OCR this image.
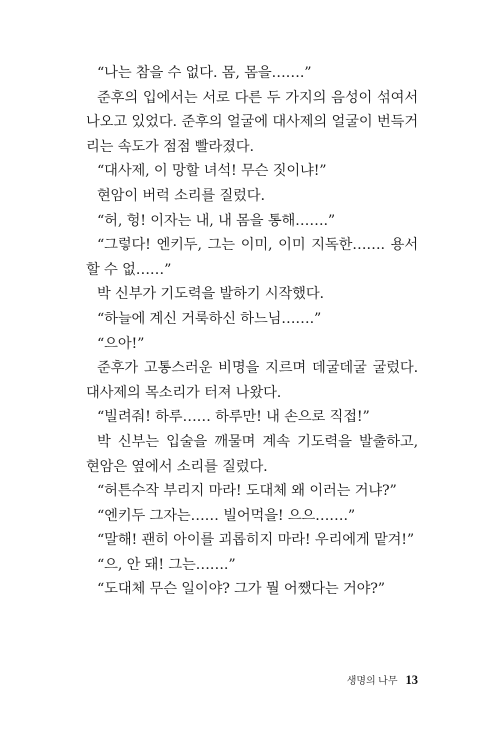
“나는 참을 수 없다. 몸, 몸을…….”

준후의 입에서는 서로 다른 두 가지의 음성이 섞여서 나오고 있었다. 준후의 얼굴에 대사제의 얼굴이 번득거리는 속도가 점점 빨라졌다.

“대사제, 이 망할 녀석! 무슨 짓이냐!”

현암이 버럭 소리를 질렀다.

“허, 헝! 이자는 내, 내 몸을 통해…….”

“그렇다! 엔키두, 그는 이미, 이미 지독한……. 용서할 수 없……”

박 신부가 기도력을 발하기 시작했다.

“하늘에 계신 거룩하신 하느님…….”

“으아!”

준후가 고통스러운 비명을 지르며 데굴데굴 굴렀다. 대사제의 목소리가 터져 나왔다.

“빌려줘! 하루…… 하루만! 내 손으로 직접!”

박 신부는 입술을 깨물며 계속 기도력을 발출하고, 현암은 옆에서 소리를 질렀다.

“허튼수작 부리지 마라! 도대체 왜 이러는 거냐?”

“엔키두 그자는…… 빌어먹을! 으으…….”

“말해! 괜히 아이를 괴롭히지 마라! 우리에게 맡겨!”

“으, 안 돼! 그는…….”

“도대체 무슨 일이야? 그가 뭘 어쨌다는 거야?”

생명의 나무 13
